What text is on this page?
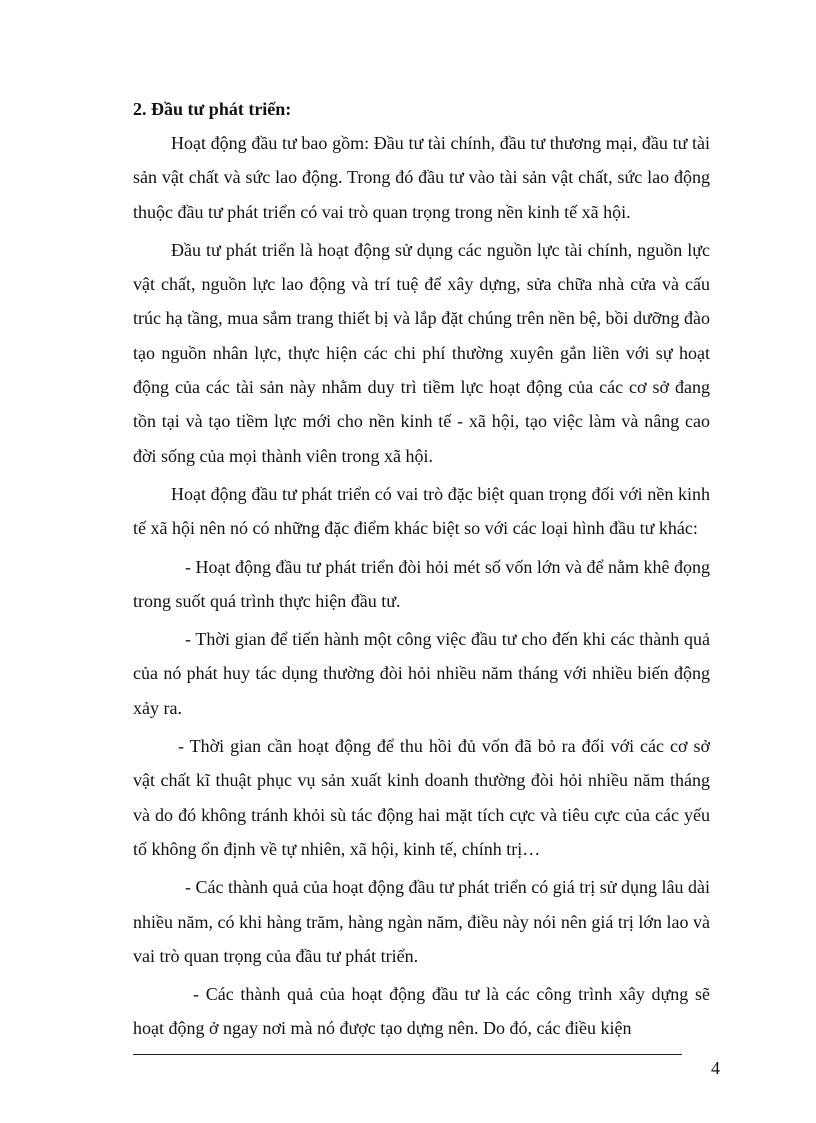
2. Đầu tư phát triển:

Hoạt động đầu tư bao gồm: Đầu tư tài chính, đầu tư thương mại, đầu tư tài sản vật chất và sức lao động. Trong đó đầu tư vào tài sản vật chất, sức lao động thuộc đầu tư phát triển có vai trò quan trọng trong nền kinh tế xã hội.

Đầu tư phát triển là hoạt động sử dụng các nguồn lực tài chính, nguồn lực vật chất, nguồn lực lao động và trí tuệ để xây dựng, sửa chữa nhà cửa và cấu trúc hạ tầng, mua sắm trang thiết bị và lắp đặt chúng trên nền bệ, bồi dưỡng đào tạo nguồn nhân lực, thực hiện các chi phí thường xuyên gắn liền với sự hoạt động của các tài sản này nhằm duy trì tiềm lực hoạt động của các cơ sở đang tồn tại và tạo tiềm lực mới cho nền kinh tế - xã hội, tạo việc làm và nâng cao đời sống của mọi thành viên trong xã hội.

Hoạt động đầu tư phát triển có vai trò đặc biệt quan trọng đối với nền kinh tế xã hội nên nó có những đặc điểm khác biệt so với các loại hình đầu tư khác:

- Hoạt động đầu tư phát triển đòi hỏi mét số vốn lớn và để nằm khê đọng trong suốt quá trình thực hiện đầu tư.

- Thời gian để tiến hành một công việc đầu tư cho đến khi các thành quả của nó phát huy tác dụng thường đòi hỏi nhiều năm tháng với nhiều biến động xảy ra.

- Thời gian cần hoạt động để thu hồi đủ vốn đã bỏ ra đối với các cơ sở vật chất kĩ thuật phục vụ sản xuất kinh doanh thường đòi hỏi nhiều năm tháng và do đó không tránh khỏi sù tác động hai mặt tích cực và tiêu cực của các yếu tố không ổn định về tự nhiên, xã hội, kinh tế, chính trị…

- Các thành quả của hoạt động đầu tư phát triển có giá trị sử dụng lâu dài nhiều năm, có khi hàng trăm, hàng ngàn năm, điều này nói nên giá trị lớn lao và vai trò quan trọng của đầu tư phát triển.

- Các thành quả của hoạt động đầu tư là các công trình xây dựng sẽ hoạt động ở ngay nơi mà nó được tạo dựng nên. Do đó, các điều kiện

4
